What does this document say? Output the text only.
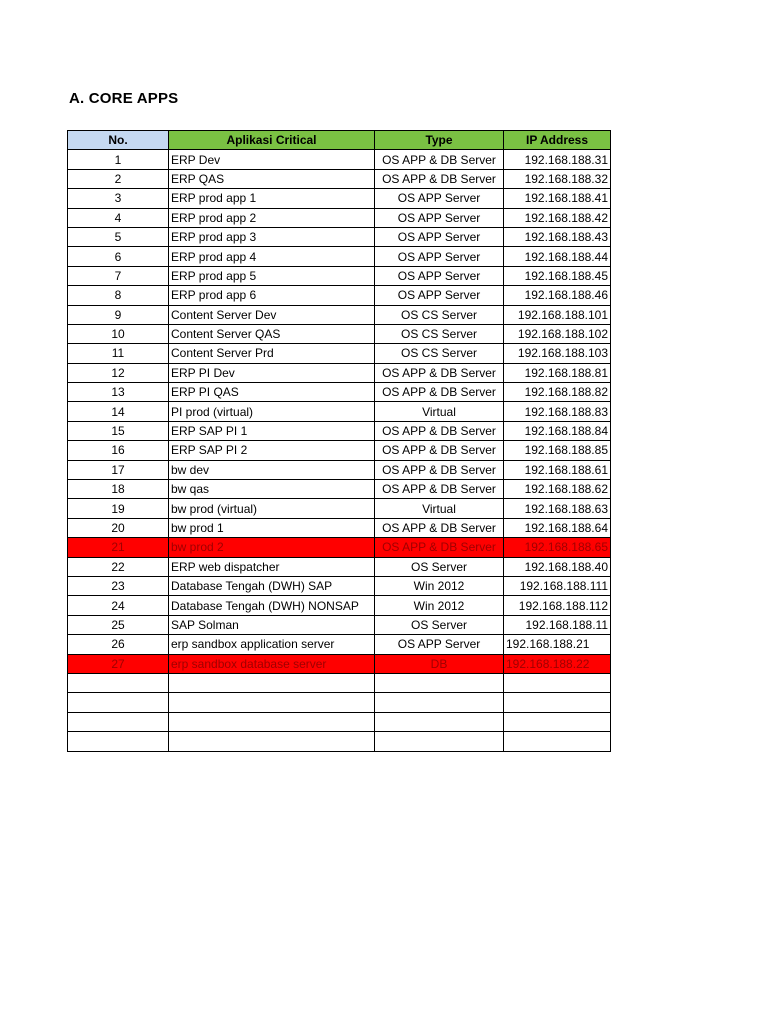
A. CORE APPS
No.	Aplikasi Critical	Type	IP Address
1	ERP Dev	OS APP & DB Server	192.168.188.31
2	ERP QAS	OS APP & DB Server	192.168.188.32
3	ERP prod app 1	OS APP Server	192.168.188.41
4	ERP prod app 2	OS APP Server	192.168.188.42
5	ERP prod app 3	OS APP Server	192.168.188.43
6	ERP prod app 4	OS APP Server	192.168.188.44
7	ERP prod app 5	OS APP Server	192.168.188.45
8	ERP prod app 6	OS APP Server	192.168.188.46
9	Content Server Dev	OS CS Server	192.168.188.101
10	Content Server QAS	OS CS Server	192.168.188.102
11	Content Server Prd	OS CS Server	192.168.188.103
12	ERP PI Dev	OS APP & DB Server	192.168.188.81
13	ERP PI QAS	OS APP & DB Server	192.168.188.82
14	PI prod (virtual)	Virtual	192.168.188.83
15	ERP SAP PI 1	OS APP & DB Server	192.168.188.84
16	ERP SAP PI 2	OS APP & DB Server	192.168.188.85
17	bw dev	OS APP & DB Server	192.168.188.61
18	bw qas	OS APP & DB Server	192.168.188.62
19	bw prod (virtual)	Virtual	192.168.188.63
20	bw prod 1	OS APP & DB Server	192.168.188.64
21	bw prod 2	OS APP & DB Server	192.168.188.65
22	ERP web dispatcher	OS Server	192.168.188.40
23	Database Tengah (DWH) SAP	Win 2012	192.168.188.111
24	Database Tengah (DWH) NONSAP	Win 2012	192.168.188.112
25	SAP Solman	OS Server	192.168.188.11
26	erp sandbox application server	OS APP Server	192.168.188.21
27	erp sandbox database server	DB	192.168.188.22
